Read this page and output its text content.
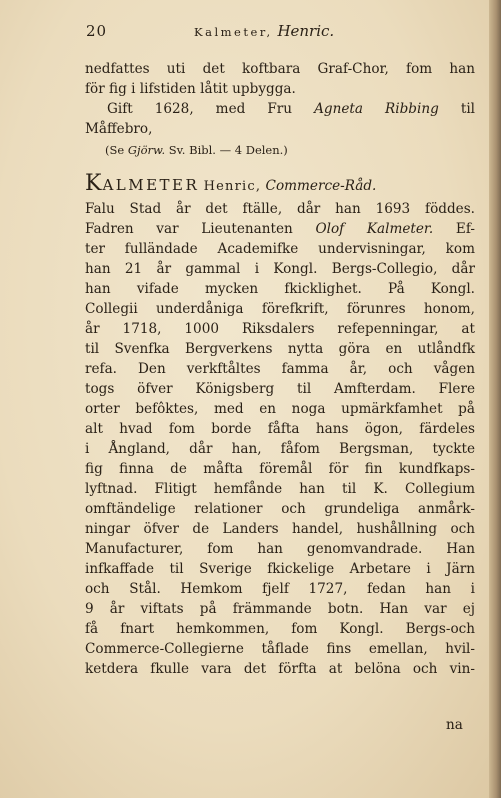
20	Kalmeter, Henric.
nedfattes uti det koftbara Graf-Chor, fom han
för fig i lifstiden låtit upbygga.
Gift 1628, med Fru Agneta Ribbing til
Måffebro,
(Se Gjörw. Sv. Bibl. — 4 Delen.)
KALMETER Henric, Commerce-Råd.
Falu Stad år det ftälle, dår han 1693 föddes.
Fadren var Lieutenanten Olof Kalmeter. Ef-
ter fulländade Academifke undervisningar, kom
han 21 år gammal i Kongl. Bergs-Collegio, dår
han vifade mycken fkicklighet. På Kongl.
Collegii underdåniga förefkrift, förunres honom,
år 1718, 1000 Riksdalers refepenningar, at
til Svenfka Bergverkens nytta göra en utlåndfk
refa. Den verkftåltes famma år, och vågen
togs öfver Königsberg til Amfterdam. Flere
orter befôktes, med en noga upmärkfamhet på
alt hvad fom borde fåfta hans ögon, färdeles
i Ångland, dår han, fåfom Bergsman, tyckte
fig finna de måfta föremål för fin kundfkaps-
lyftnad. Flitigt hemfånde han til K. Collegium
omftändelige relationer och grundeliga anmårk-
ningar öfver de Landers handel, hushållning och
Manufacturer, fom han genomvandrade. Han
infkaffade til Sverige fkickelige Arbetare i Järn
och Stål. Hemkom fjelf 1727, fedan han i
9 år viftats på främmande botn. Han var ej
få fnart hemkommen, fom Kongl. Bergs-och
Commerce-Collegierne tåflade fins emellan, hvil-
ketdera fkulle vara det förfta at belöna och vin-
na
